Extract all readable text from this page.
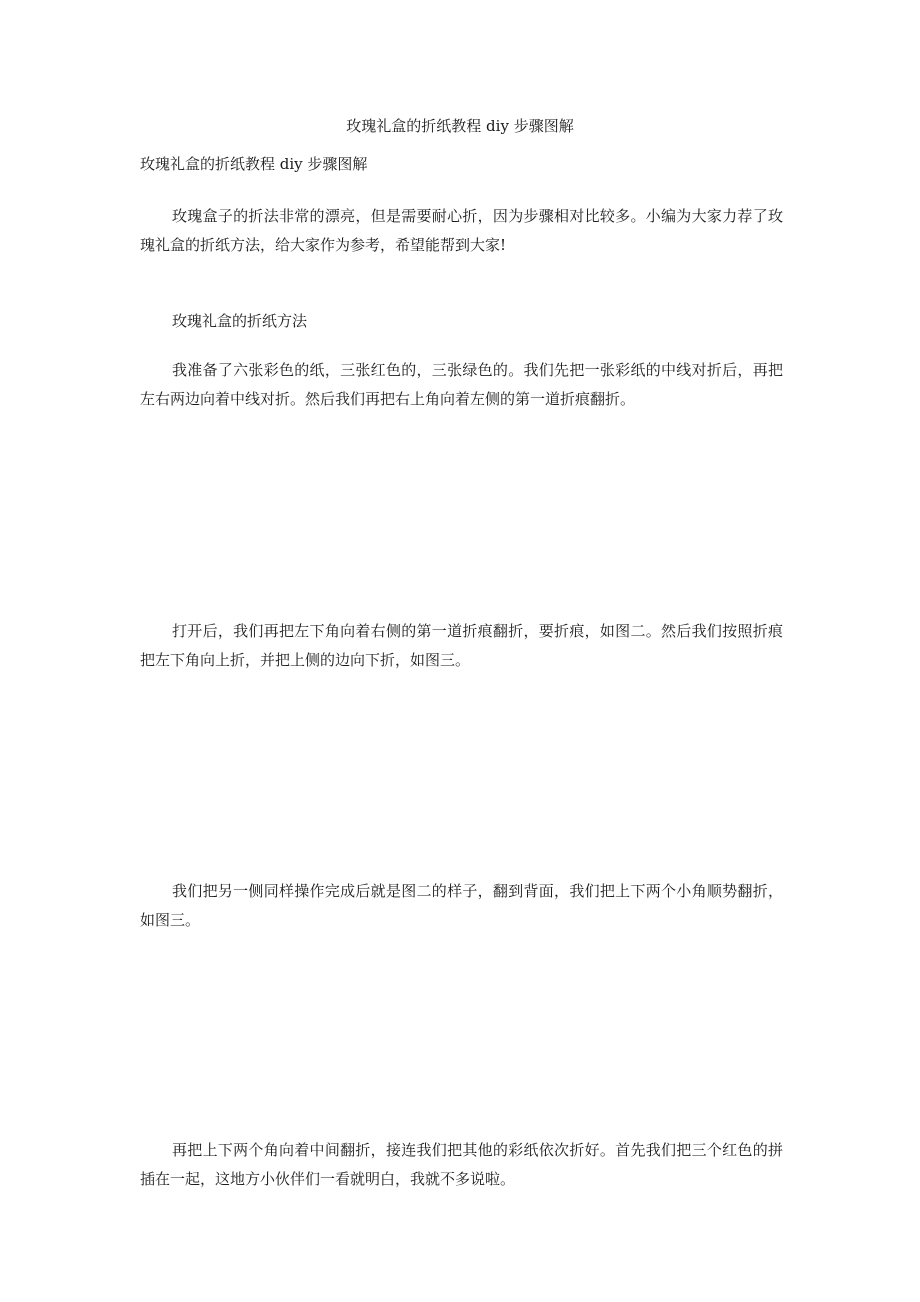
玫瑰礼盒的折纸教程 diy 步骤图解
玫瑰礼盒的折纸教程 diy 步骤图解

玫瑰盒子的折法非常的漂亮，但是需要耐心折，因为步骤相对比较多。小编为大家力荐了玫瑰礼盒的折纸方法，给大家作为参考，希望能帮到大家!

玫瑰礼盒的折纸方法

我准备了六张彩色的纸，三张红色的，三张绿色的。我们先把一张彩纸的中线对折后，再把左右两边向着中线对折。然后我们再把右上角向着左侧的第一道折痕翻折。

打开后，我们再把左下角向着右侧的第一道折痕翻折，要折痕，如图二。然后我们按照折痕把左下角向上折，并把上侧的边向下折，如图三。

我们把另一侧同样操作完成后就是图二的样子，翻到背面，我们把上下两个小角顺势翻折，如图三。

再把上下两个角向着中间翻折，接连我们把其他的彩纸依次折好。首先我们把三个红色的拼插在一起，这地方小伙伴们一看就明白，我就不多说啦。
